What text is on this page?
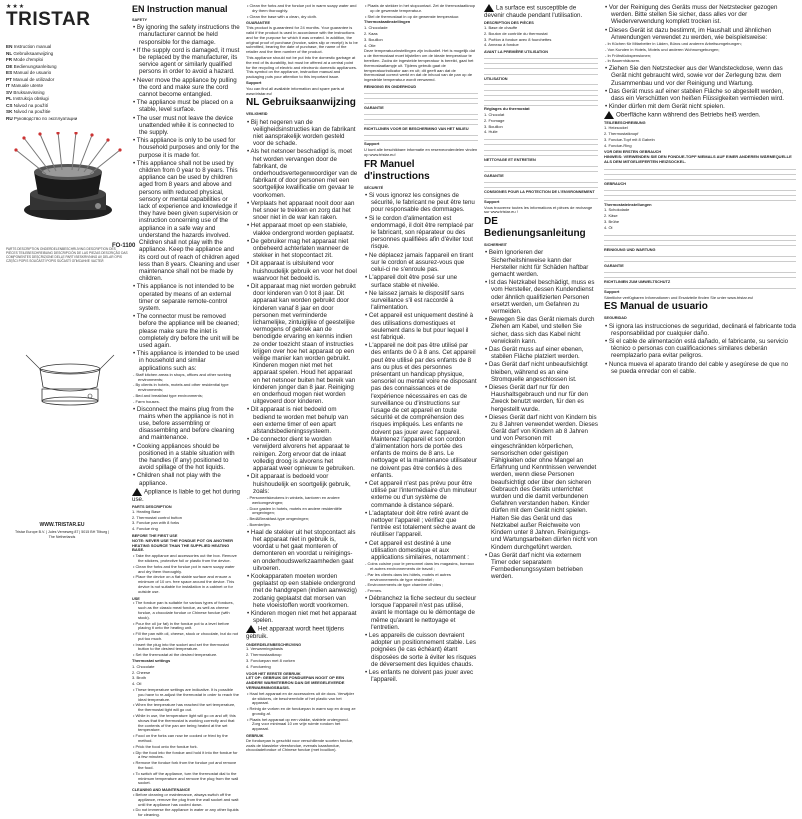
★★★
TRISTAR
EN Instruction manual
NL Gebruiksaanwijzing
FR Mode d'emploi
DE Bedienungsanleitung
ES Manual de usuario
PT Manual de utilizador
IT Manuale utente
SV Bruksanvisning
PL Instrukcja obsługi
CS Návod na použití
SK Návod na použitie
RU Руководство по эксплуатации
FO-1100
PARTS DESCRIPTION ONDERDELENBESCHRIJVING DESCRIPTION DES PIÈCES TEILEBESCHREIBUNG DESCRIPCIÓN DE LAS PIEZAS DESCRIÇÃO DAS COMPONENTES DESCRIZIONE DELLE PARTI BESKRIVNING AV DELAR OPIS CZĘŚCI POPIS SOUČÁSTÍ POPIS SÚČASTÍ ОПИСАНИЕ ЧАСТЕЙ
WWW.TRISTAR.EU
Tristar Europe B.V. | Jules Verneweg 87 | 5015 BH Tilburg | The Netherlands
EN Instruction manual
SAFETY

• By ignoring the safety instructions the manufacturer cannot be held responsible for the damage.

• If the supply cord is damaged, it must be replaced by the manufacturer, its service agent or similarly qualified persons in order to avoid a hazard.

• Never move the appliance by pulling the cord and make sure the cord cannot become entangled.

• The appliance must be placed on a stable, level surface.

• The user must not leave the device unattended while it is connected to the supply.

• This appliance is only to be used for household purposes and only for the purpose it is made for.

• This appliance shall not be used by children from 0 year to 8 years. This appliance can be used by children aged from 8 years and above and persons with reduced physical, sensory or mental capabilities or lack of experience and knowledge if they have been given supervision or instruction concerning use of the appliance in a safe way and understand the hazards involved. Children shall not play with the appliance. Keep the appliance and its cord out of reach of children aged less than 8 years. Cleaning and user maintenance shall not be made by children.

• This appliance is not intended to be operated by means of an external timer or separate remote-control system.

• The connector must be removed before the appliance will be cleaned; please make sure the inlet is completely dry before the unit will be used again.

• This appliance is intended to be used in household and similar applications such as:

- Staff kitchen areas in shops, offices and other working environments;

- By clients in hotels, motels and other residential type environments;

- Bed and breakfast type environments;

- Farm houses.

• Disconnect the mains plug from the mains when the appliance is not in use, before assembling or disassembling and before cleaning and maintenance.

• Cooking appliances should be positioned in a stable situation with the handles (if any) positioned to avoid spillage of the hot liquids.

• Children shall not play with the appliance.

Appliance is liable to get hot during use.

PARTS DESCRIPTION

1. Heating Base

2. Thermostat control button

3. Fondue pan with 8 forks

4. Fondue ring

BEFORE THE FIRST USE

NOTE: NEVER USE THE FONDUE POT ON ANOTHER HEATING SOURCE THAN THE SUPPLIED HEATING BASE.

• Take the appliance and accessories out the box. Remove the stickers, protective foil or plastic from the device.

• Clean the forks and the fondue pot in warm soapy water and dry them thoroughly.

• Place the device on a flat stable surface and ensure a minimum of 10 cm. free space around the device. This device is not suitable for installation in a cabinet or for outside use.

USE

• The fondue pan is suitable for various types of fondues, such as the classic meat fondue, as well as cheese fondue, a chocolate fondue or Chinese fondue (with stock).

• Pour the oil (or fat) in the fondue pot to a level before placing it onto the heating unit.

• Fill the pan with oil, cheese, stock or chocolate, but do not put too much.

• Insert the plug into the socket and set the thermostat button to the desired temperature.

• Set the thermostat at the desired temperature.

Thermostat settings

1. Chocolate

2. Cheese

3. Broth

4. Oil

• These temperature settings are indicative. It is possible you have to re-adjust the thermostat in order to reach the ideal temperature.

• When the temperature has reached the set temperature, the thermostat light will go out.

• While in use, the temperature light will go on and off; this shows that the thermostat is working correctly and that the contents of the pan are being heated at the set temperature.

• Food on the forks can now be cooked or fried by the method.

• Prick the food onto the fondue fork.

• Dip the food into the fondue and hold it into the fondue for a few minutes.

• Remove the fondue fork from the fondue pot and remove the food.

• To switch off the appliance, turn the thermostat dial to the minimum temperature and remove the plug from the wall socket.

CLEANING AND MAINTENANCE

• Before cleaning or maintenance, always switch off the appliance, remove the plug from the wall socket and wait until the appliance has cooled down.

• Do not immerse the appliance in water or any other liquids for cleaning.

• Clean the forks and the fondue pot in warm soapy water and dry them thoroughly.

• Clean the base with a clean, dry cloth.

GUARANTEE

This product is guaranteed for 24 months. Your guarantee is valid if the product is used in accordance with the instructions and for the purpose for which it was created. In addition, the original proof of purchase (invoice, sales slip or receipt) is to be submitted, bearing the date of purchase, the name of the retailer and the item number of the product.

This appliance should not be put into the domestic garbage at the end of its durability, but must be offered at a central point for the recycling of electric and electronic domestic appliances. This symbol on the appliance, instruction manual and packaging puts your attention to this important issue.

Support

You can find all available information and spare parts at www.tristar.eu!

NL Gebruiksaanwijzing
VEILIGHEID

• Bij het negeren van de veiligheidsinstructies kan de fabrikant niet aansprakelijk worden gesteld voor de schade.

• Als het netsnoer beschadigd is, moet het worden vervangen door de fabrikant, de onderhoudsvertegenwoordiger van de fabrikant of door personen met een soortgelijke kwalificatie om gevaar te voorkomen.

• Verplaats het apparaat nooit door aan het snoer te trekken en zorg dat het snoer niet in de war kan raken.

• Het apparaat moet op een stabiele, vlakke ondergrond worden geplaatst.

• De gebruiker mag het apparaat niet onbeheerd achterlaten wanneer de stekker in het stopcontact zit.

• Dit apparaat is uitsluitend voor huishoudelijk gebruik en voor het doel waarvoor het bedoeld is.

• Dit apparaat mag niet worden gebruikt door kinderen van 0 tot 8 jaar. Dit apparaat kan worden gebruikt door kinderen vanaf 8 jaar en door personen met verminderde lichamelijke, zintuiglijke of geestelijke vermogens of gebrek aan de benodigde ervaring en kennis indien ze onder toezicht staan of instructies krijgen over hoe het apparaat op een veilige manier kan worden gebruikt. Kinderen mogen niet met het apparaat spelen. Houd het apparaat en het netsnoer buiten het bereik van kinderen jonger dan 8 jaar. Reiniging en onderhoud mogen niet worden uitgevoerd door kinderen.

• Dit apparaat is niet bedoeld om bediend te worden met behulp van een externe timer of een apart afstandsbedieningssysteem.

• De connector dient te worden verwijderd alvorens het apparaat te reinigen. Zorg ervoor dat de inlaat volledig droog is alvorens het apparaat weer opnieuw te gebruiken.

• Dit apparaat is bedoeld voor huishoudelijk en soortgelijk gebruik, zoals:

- Personeelskeukens in winkels, kantoren en andere werkomgevingen;

- Door gasten in hotels, motels en andere residentiële omgevingen;

- Bed&Breakfast-type omgevingen;

- Boerderijen.

• Haal de stekker uit het stopcontact als het apparaat niet in gebruik is, voordat u het gaat monteren of demonteren en voordat u reinigings- en onderhoudswerkzaamheden gaat uitvoeren.

• Kookapparaten moeten worden geplaatst op een stabiele ondergrond met de handgrepen (indien aanwezig) zodanig geplaatst dat morsen van hete vloeistoffen wordt voorkomen.

• Kinderen mogen niet met het apparaat spelen.

Het apparaat wordt heet tijdens gebruik.

ONDERDELENBESCHRIJVING

1. Verwarmingsbasis

2. Thermostaatknop

3. Fonduepan met 8 vorken

4. Fonduering

VOOR HET EERSTE GEBRUIK

LET OP: GEBRUIK DE FONDUEPAN NOOIT OP EEN ANDERE WARMTEBRON DAN DE MEEGELEVERDE VERWARMINGSBASIS.

• Haal het apparaat en de accessoires uit de doos. Verwijder de stickers, de beschermfolie of het plastic van het apparaat.

• Reinig de vorken en de fonduepan in warm sop en droog ze grondig af.

• Plaats het apparaat op een vlakke, stabiele ondergrond. Zorg voor minimaal 10 cm vrije ruimte rondom het apparaat.

GEBRUIK

De fonduepan is geschikt voor verschillende soorten fondue, zoals de klassieke vleesfondue, evenals kaasfondue, chocoladefondue of Chinese fondue (met bouillon).

• Plaats de stekker in het stopcontact. Zet de thermostaatknop op de gewenste temperatuur.

• Stel de thermostaat in op de gewenste temperatuur.

Thermostaatinstellingen

1. Chocolade

2. Kaas

3. Bouillon

4. Olie

Deze temperatuurinstellingen zijn indicatief. Het is mogelijk dat u de thermostaat moet bijstellen om de ideale temperatuur te bereiken. Zodra de ingestelde temperatuur is bereikt, gaat het thermostaatlampje uit. Tijdens gebruik gaat de temperatuurindicator aan en uit; dit geeft aan dat de thermostaat correct werkt en dat de inhoud van de pan op de ingestelde temperatuur wordt verwarmd.

REINIGING EN ONDERHOUD
GARANTIE
RICHTLIJNEN VOOR DE BESCHERMING VAN HET MILIEU

Support

U kunt alle beschikbare informatie en reserveonderdelen vinden op www.tristar.eu!

FR Manuel d'instructions
SÉCURITÉ

• Si vous ignorez les consignes de sécurité, le fabricant ne peut être tenu pour responsable des dommages.

• Si le cordon d'alimentation est endommagé, il doit être remplacé par le fabricant, son réparateur ou des personnes qualifiées afin d'éviter tout risque.

• Ne déplacez jamais l'appareil en tirant sur le cordon et assurez-vous que celui-ci ne s'enroule pas.

• L'appareil doit être posé sur une surface stable et nivelée.

• Ne laissez jamais le dispositif sans surveillance s'il est raccordé à l'alimentation.

• Cet appareil est uniquement destiné à des utilisations domestiques et seulement dans le but pour lequel il est fabriqué.

• L'appareil ne doit pas être utilisé par des enfants de 0 à 8 ans. Cet appareil peut être utilisé par des enfants de 8 ans ou plus et des personnes présentant un handicap physique, sensoriel ou mental voire ne disposant pas des connaissances et de l'expérience nécessaires en cas de surveillance ou d'instructions sur l'usage de cet appareil en toute sécurité et de compréhension des risques impliqués. Les enfants ne doivent pas jouer avec l'appareil. Maintenez l'appareil et son cordon d'alimentation hors de portée des enfants de moins de 8 ans. Le nettoyage et la maintenance utilisateur ne doivent pas être confiés à des enfants.

• Cet appareil n'est pas prévu pour être utilisé par l'intermédiaire d'un minuteur externe ou d'un système de commande à distance séparé.

• L'adaptateur doit être retiré avant de nettoyer l'appareil ; vérifiez que l'entrée est totalement sèche avant de réutiliser l'appareil.

• Cet appareil est destiné à une utilisation domestique et aux applications similaires, notamment :

- Coins cuisine pour le personnel dans les magasins, bureaux et autres environnements de travail ;

- Par les clients dans les hôtels, motels et autres environnements de type résidentiel ;

- Environnements de type chambre d'hôtes ;

- Fermes.

• Débranchez la fiche secteur du secteur lorsque l'appareil n'est pas utilisé, avant le montage ou le démontage de même qu'avant le nettoyage et l'entretien.

• Les appareils de cuisson devraient adopter un positionnement stable. Les poignées (le cas échéant) étant disposées de sorte à éviter les risques de déversement des liquides chauds.

• Les enfants ne doivent pas jouer avec l'appareil.

La surface est susceptible de devenir chaude pendant l'utilisation.

DESCRIPTION DES PIÈCES

1. Base de chauffe

2. Bouton de contrôle du thermostat

3. Poêlon à fondue avec 8 fourchettes

4. Anneau à fondue

AVANT LA PREMIÈRE UTILISATION
UTILISATION

Réglages du thermostat

1. Chocolat

2. Fromage

3. Bouillon

4. Huile

NETTOYAGE ET ENTRETIEN
GARANTIE
CONSIGNES POUR LA PROTECTION DE L'ENVIRONNEMENT

Support

Vous trouverez toutes les informations et pièces de rechange sur www.tristar.eu !

DE Bedienungsanleitung
SICHERHEIT

• Beim Ignorieren der Sicherheitshinweise kann der Hersteller nicht für Schäden haftbar gemacht werden.

• Ist das Netzkabel beschädigt, muss es vom Hersteller, dessen Kundendienst oder ähnlich qualifizierten Personen ersetzt werden, um Gefahren zu vermeiden.

• Bewegen Sie das Gerät niemals durch Ziehen am Kabel, und stellen Sie sicher, dass sich das Kabel nicht verwickeln kann.

• Das Gerät muss auf einer ebenen, stabilen Fläche platziert werden.

• Das Gerät darf nicht unbeaufsichtigt bleiben, während es an eine Stromquelle angeschlossen ist.

• Dieses Gerät darf nur für den Haushaltsgebrauch und nur für den Zweck benutzt werden, für den es hergestellt wurde.

• Dieses Gerät darf nicht von Kindern bis zu 8 Jahren verwendet werden. Dieses Gerät darf von Kindern ab 8 Jahren und von Personen mit eingeschränkten körperlichen, sensorischen oder geistigen Fähigkeiten oder ohne Mangel an Erfahrung und Kenntnissen verwendet werden, wenn diese Personen beaufsichtigt oder über den sicheren Gebrauch des Geräts unterrichtet wurden und die damit verbundenen Gefahren verstanden haben. Kinder dürfen mit dem Gerät nicht spielen. Halten Sie das Gerät und das Netzkabel außer Reichweite von Kindern unter 8 Jahren. Reinigungs- und Wartungsarbeiten dürfen nicht von Kindern durchgeführt werden.

• Das Gerät darf nicht via externem Timer oder separatem Fernbedienungssystem betrieben werden.

• Vor der Reinigung des Geräts muss der Netzstecker gezogen werden. Bitte stellen Sie sicher, dass alles vor der Wiederverwendung komplett trocken ist.

• Dieses Gerät ist dazu bestimmt, im Haushalt und ähnlichen Anwendungen verwendet zu werden, wie beispielsweise:

- In Küchen für Mitarbeiter in Läden, Büros und anderen Arbeitsumgebungen;

- Von Kunden in Hotels, Motels und anderen Wohnumgebungen;

- In Frühstückspensionen;

- In Bauernhäusern.

• Ziehen Sie den Netzstecker aus der Wandsteckdose, wenn das Gerät nicht gebraucht wird, sowie vor der Zerlegung bzw. dem Zusammenbau und vor der Reinigung und Wartung.

• Das Gerät muss auf einer stabilen Fläche so abgestellt werden, dass ein Verschütten von heißen Flüssigkeiten vermieden wird.

• Kinder dürfen mit dem Gerät nicht spielen.

Oberfläche kann während des Betriebs heiß werden.

TEILEBESCHREIBUNG

1. Heizsockel

2. Thermostatknopf

3. Fondue-Topf mit 8 Gabeln

4. Fondue-Ring

VOR DEM ERSTEN GEBRAUCH

HINWEIS: VERWENDEN SIE DEN FONDUE-TOPF NIEMALS AUF EINER ANDEREN WÄRMEQUELLE ALS DEM MITGELIEFERTEN HEIZSOCKEL.

GEBRAUCH

Thermostateinstellungen

1. Schokolade

2. Käse

3. Brühe

4. Öl

REINIGUNG UND WARTUNG
GARANTIE
RICHTLINIEN ZUM UMWELTSCHUTZ

Support

Sämtliche verfügbaren Informationen und Ersatzteile finden Sie unter www.tristar.eu!

ES Manual de usuario
SEGURIDAD

• Si ignora las instrucciones de seguridad, declinará el fabricante toda responsabilidad por cualquier daño.

• Si el cable de alimentación está dañado, el fabricante, su servicio técnico o personas con cualificaciones similares deberán reemplazarlo para evitar peligros.

• Nunca mueva el aparato tirando del cable y asegúrese de que no se pueda enredar con el cable.
